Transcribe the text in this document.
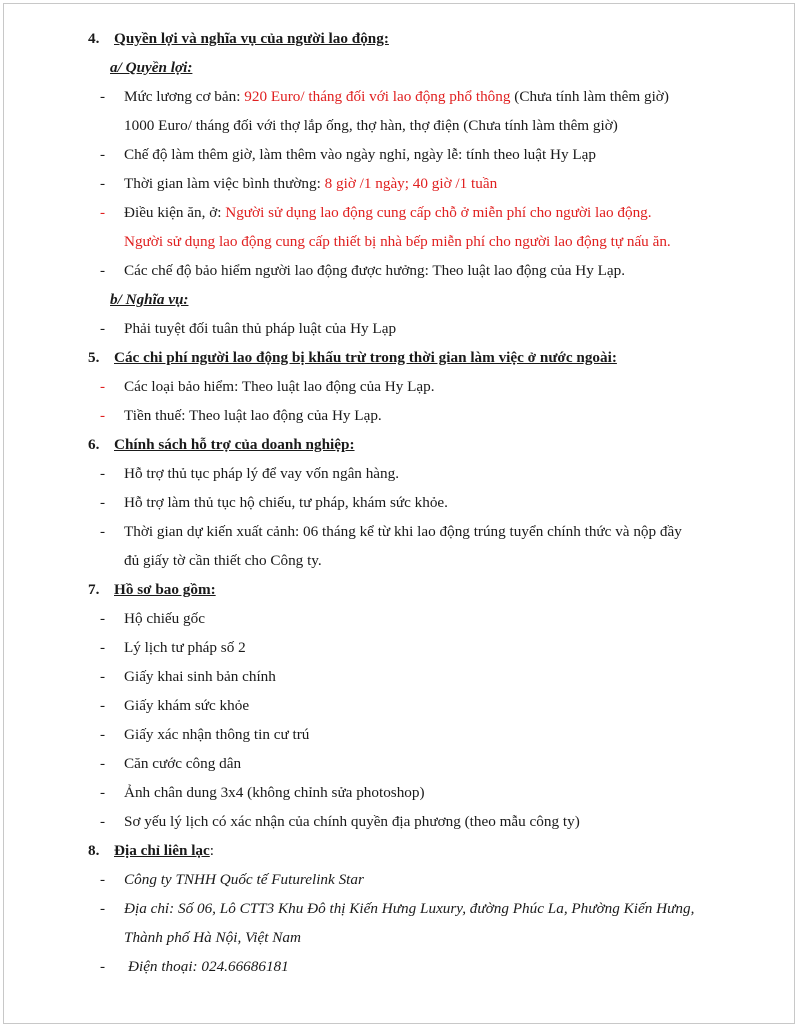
4. Quyền lợi và nghĩa vụ của người lao động:
a/ Quyền lợi:
- Mức lương cơ bản: 920 Euro/ tháng đối với lao động phổ thông (Chưa tính làm thêm giờ)
1000 Euro/ tháng đối với thợ lắp ống, thợ hàn, thợ điện (Chưa tính làm thêm giờ)
- Chế độ làm thêm giờ, làm thêm vào ngày nghỉ, ngày lễ: tính theo luật Hy Lạp
- Thời gian làm việc bình thường: 8 giờ /1 ngày; 40 giờ /1 tuần
- Điều kiện ăn, ở: Người sử dụng lao động cung cấp chỗ ở miễn phí cho người lao động.
Người sử dụng lao động cung cấp thiết bị nhà bếp miễn phí cho người lao động tự nấu ăn.
- Các chế độ bảo hiểm người lao động được hưởng: Theo luật lao động của Hy Lạp.
b/ Nghĩa vụ:
- Phải tuyệt đối tuân thủ pháp luật của Hy Lạp
5. Các chi phí người lao động bị khấu trừ trong thời gian làm việc ở nước ngoài:
- Các loại bảo hiểm: Theo luật lao động của Hy Lạp.
- Tiền thuế: Theo luật lao động của Hy Lạp.
6. Chính sách hỗ trợ của doanh nghiệp:
- Hỗ trợ thủ tục pháp lý để vay vốn ngân hàng.
- Hỗ trợ làm thủ tục hộ chiếu, tư pháp, khám sức khỏe.
- Thời gian dự kiến xuất cảnh: 06 tháng kể từ khi lao động trúng tuyển chính thức và nộp đầy
đủ giấy tờ cần thiết cho Công ty.
7. Hồ sơ bao gồm:
- Hộ chiếu gốc
- Lý lịch tư pháp số 2
- Giấy khai sinh bản chính
- Giấy khám sức khỏe
- Giấy xác nhận thông tin cư trú
- Căn cước công dân
- Ảnh chân dung 3x4 (không chỉnh sửa photoshop)
- Sơ yếu lý lịch có xác nhận của chính quyền địa phương (theo mẫu công ty)
8. Địa chỉ liên lạc:
- Công ty TNHH Quốc tế Futurelink Star
- Địa chỉ: Số 06, Lô CTT3 Khu Đô thị Kiến Hưng Luxury, đường Phúc La, Phường Kiến Hưng,
Thành phố Hà Nội, Việt Nam
- Điện thoại: 024.66686181
